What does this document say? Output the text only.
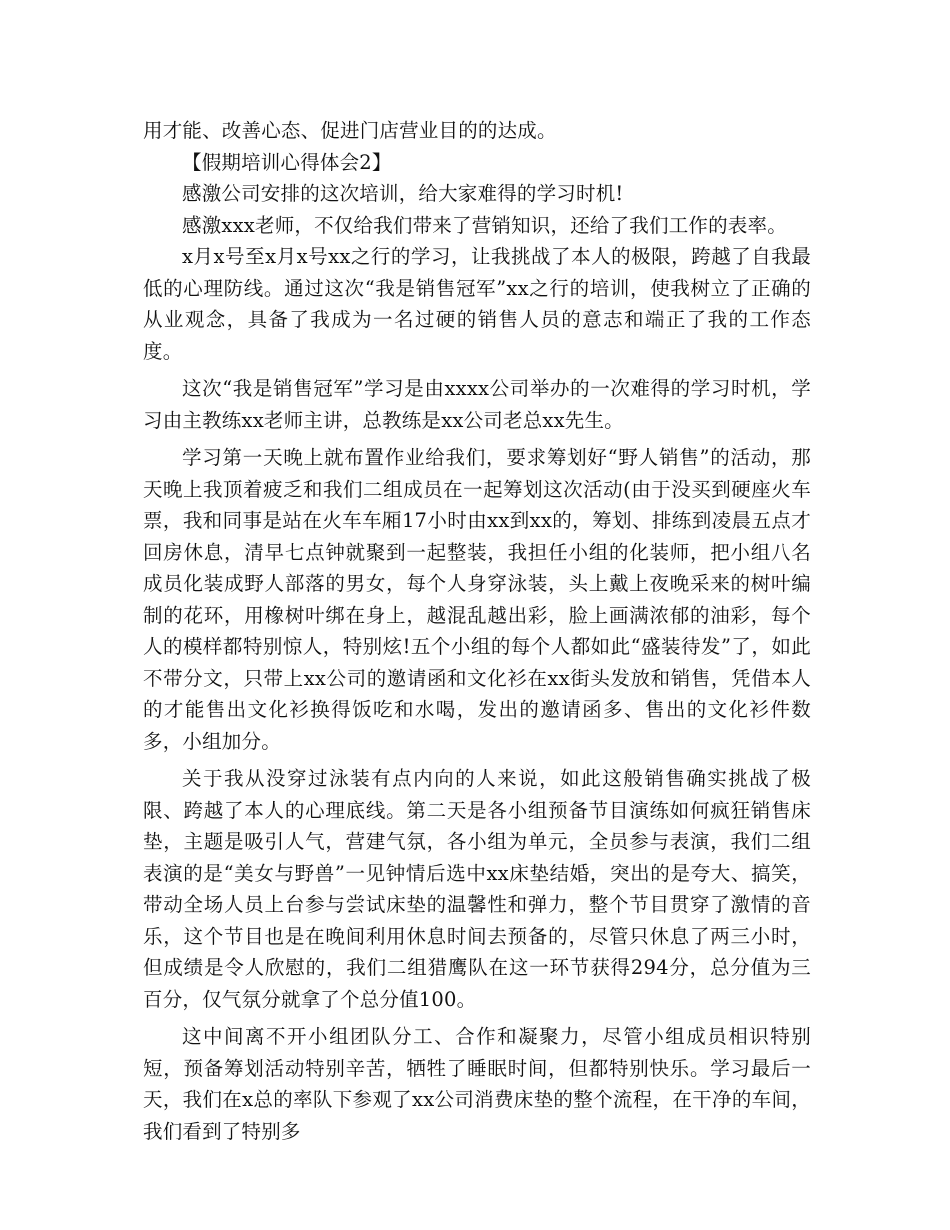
用才能、改善心态、促进门店营业目的的达成。

【假期培训心得体会2】

感激公司安排的这次培训，给大家难得的学习时机!

感激xxx老师，不仅给我们带来了营销知识，还给了我们工作的表率。

x月x号至x月x号xx之行的学习，让我挑战了本人的极限，跨越了自我最低的心理防线。通过这次“我是销售冠军”xx之行的培训，使我树立了正确的从业观念，具备了我成为一名过硬的销售人员的意志和端正了我的工作态度。

这次“我是销售冠军”学习是由xxxx公司举办的一次难得的学习时机，学习由主教练xx老师主讲，总教练是xx公司老总xx先生。

学习第一天晚上就布置作业给我们，要求筹划好“野人销售”的活动，那天晚上我顶着疲乏和我们二组成员在一起筹划这次活动(由于没买到硬座火车票，我和同事是站在火车车厢17小时由xx到xx的，筹划、排练到凌晨五点才回房休息，清早七点钟就聚到一起整装，我担任小组的化装师，把小组八名成员化装成野人部落的男女，每个人身穿泳装，头上戴上夜晚采来的树叶编制的花环，用橡树叶绑在身上，越混乱越出彩，脸上画满浓郁的油彩，每个人的模样都特别惊人，特别炫!五个小组的每个人都如此“盛装待发”了，如此不带分文，只带上xx公司的邀请函和文化衫在xx街头发放和销售，凭借本人的才能售出文化衫换得饭吃和水喝，发出的邀请函多、售出的文化衫件数多，小组加分。

关于我从没穿过泳装有点内向的人来说，如此这般销售确实挑战了极限、跨越了本人的心理底线。第二天是各小组预备节目演练如何疯狂销售床垫，主题是吸引人气，营建气氛，各小组为单元，全员参与表演，我们二组表演的是“美女与野兽”一见钟情后选中xx床垫结婚，突出的是夸大、搞笑，带动全场人员上台参与尝试床垫的温馨性和弹力，整个节目贯穿了激情的音乐，这个节目也是在晚间利用休息时间去预备的，尽管只休息了两三小时，但成绩是令人欣慰的，我们二组猎鹰队在这一环节获得294分，总分值为三百分，仅气氛分就拿了个总分值100。

这中间离不开小组团队分工、合作和凝聚力，尽管小组成员相识特别短，预备筹划活动特别辛苦，牺牲了睡眠时间，但都特别快乐。学习最后一天，我们在x总的率队下参观了xx公司消费床垫的整个流程，在干净的车间，我们看到了特别多
